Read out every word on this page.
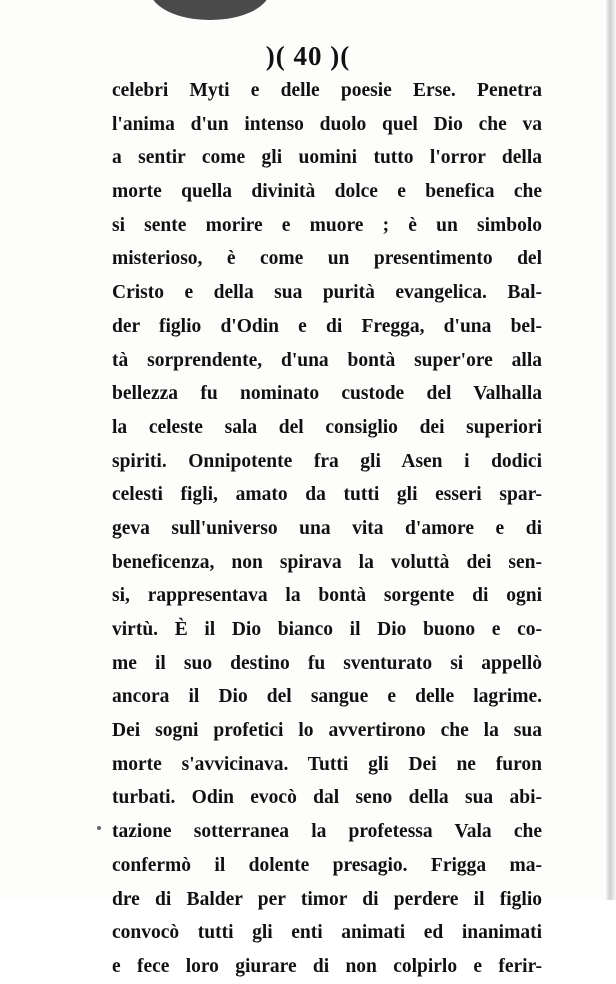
)( 40 )(
celebri Myti e delle poesie Erse. Penetra
l'anima d'un intenso duolo quel Dio che va
a sentir come gli uomini tutto l'orror della
morte quella divinità dolce e benefica che
si sente morire e muore ; è un simbolo
misterioso, è come un presentimento del
Cristo e della sua purità evangelica. Bal-
der figlio d'Odin e di Fregga, d'una bel-
tà sorprendente, d'una bontà super'ore alla
bellezza fu nominato custode del Valhalla
la celeste sala del consiglio dei superiori
spiriti. Onnipotente fra gli Asen i dodici
celesti figli, amato da tutti gli esseri spar-
geva sull'universo una vita d'amore e di
beneficenza, non spirava la voluttà dei sen-
si, rappresentava la bontà sorgente di ogni
virtù. È il Dio bianco il Dio buono e co-
me il suo destino fu sventurato si appellò
ancora il Dio del sangue e delle lagrime.
Dei sogni profetici lo avvertirono che la sua
morte s'avvicinava. Tutti gli Dei ne furon
turbati. Odin evocò dal seno della sua abi-
tazione sotterranea la profetessa Vala che
confermò il dolente presagio. Frigga ma-
dre di Balder per timor di perdere il figlio
convocò tutti gli enti animati ed inanimati
e fece loro giurare di non colpirlo e ferir-
